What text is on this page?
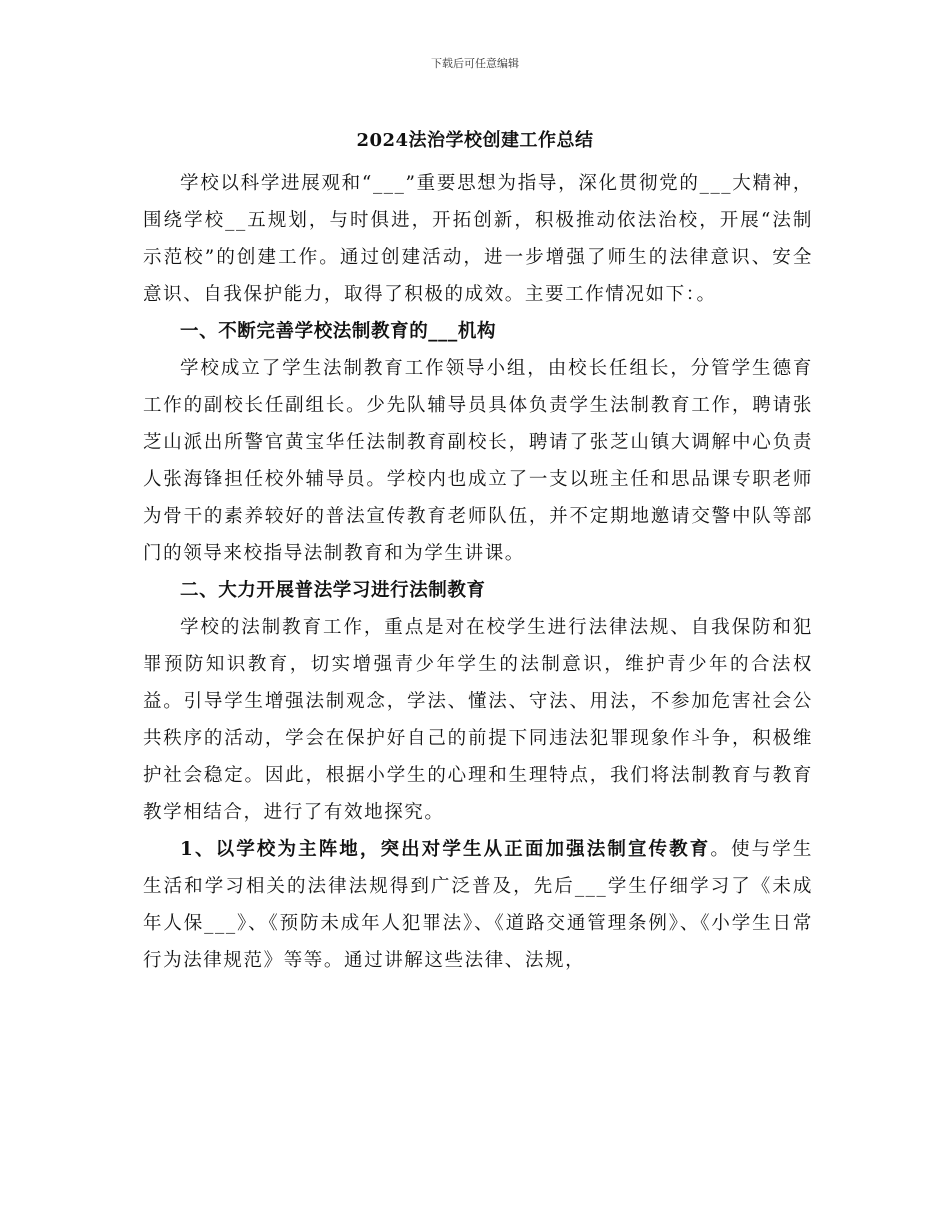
下载后可任意编辑
2024法治学校创建工作总结

学校以科学进展观和“___”重要思想为指导，深化贯彻党的___大精神，围绕学校__五规划，与时俱进，开拓创新，积极推动依法治校，开展“法制示范校”的创建工作。通过创建活动，进一步增强了师生的法律意识、安全意识、自我保护能力，取得了积极的成效。主要工作情况如下：。

一、不断完善学校法制教育的___机构

学校成立了学生法制教育工作领导小组，由校长任组长，分管学生德育工作的副校长任副组长。少先队辅导员具体负责学生法制教育工作，聘请张芝山派出所警官黄宝华任法制教育副校长，聘请了张芝山镇大调解中心负责人张海锋担任校外辅导员。学校内也成立了一支以班主任和思品课专职老师为骨干的素养较好的普法宣传教育老师队伍，并不定期地邀请交警中队等部门的领导来校指导法制教育和为学生讲课。

二、大力开展普法学习进行法制教育

学校的法制教育工作，重点是对在校学生进行法律法规、自我保防和犯罪预防知识教育，切实增强青少年学生的法制意识，维护青少年的合法权益。引导学生增强法制观念，学法、懂法、守法、用法，不参加危害社会公共秩序的活动，学会在保护好自己的前提下同违法犯罪现象作斗争，积极维护社会稳定。因此，根据小学生的心理和生理特点，我们将法制教育与教育教学相结合，进行了有效地探究。

1、以学校为主阵地，突出对学生从正面加强法制宣传教育。使与学生生活和学习相关的法律法规得到广泛普及，先后___学生仔细学习了《未成年人保___》、《预防未成年人犯罪法》、《道路交通管理条例》、《小学生日常行为法律规范》等等。通过讲解这些法律、法规，
